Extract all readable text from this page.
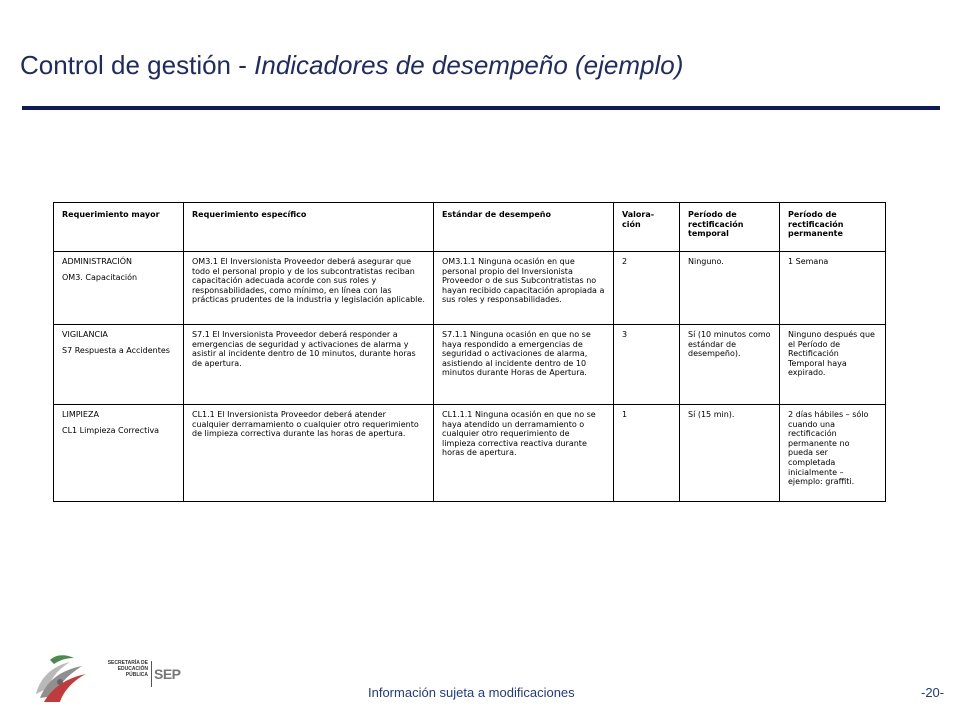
Control de gestión - Indicadores de desempeño (ejemplo)
Requerimiento mayor	Requerimiento específico	Estándar de desempeño	Valora-ción	Período de rectificación temporal	Período de rectificación permanente
ADMINISTRACIÓN
OM3. Capacitación	OM3.1 El Inversionista Proveedor deberá asegurar que todo el personal propio y de los subcontratistas reciban capacitación adecuada acorde con sus roles y responsabilidades, como mínimo, en línea con las prácticas prudentes de la industria y legislación aplicable.	OM3.1.1 Ninguna ocasión en que personal propio del Inversionista Proveedor o de sus Subcontratistas no hayan recibido capacitación apropiada a sus roles y responsabilidades.	2	Ninguno.	1 Semana
VIGILANCIA
S7 Respuesta a Accidentes	S7.1 El Inversionista Proveedor deberá responder a emergencias de seguridad y activaciones de alarma y asistir al incidente dentro de 10 minutos, durante horas de apertura.	S7.1.1 Ninguna ocasión en que no se haya respondido a emergencias de seguridad o activaciones de alarma, asistiendo al incidente dentro de 10 minutos durante Horas de Apertura.	3	Sí (10 minutos como estándar de desempeño).	Ninguno después que el Período de Rectificación Temporal haya expirado.
LIMPIEZA
CL1 Limpieza Correctiva	CL1.1 El Inversionista Proveedor deberá atender cualquier derramamiento o cualquier otro requerimiento de limpieza correctiva durante las horas de apertura.	CL1.1.1 Ninguna ocasión en que no se haya atendido un derramamiento o cualquier otro requerimiento de limpieza correctiva reactiva durante horas de apertura.	1	Sí (15 min).	2 días hábiles – sólo cuando una rectificación permanente no pueda ser completada inicialmente – ejemplo: graffiti.
SECRETARÍA DE
EDUCACIÓN
PÚBLICA SEP
Información sujeta a modificaciones	-20-
